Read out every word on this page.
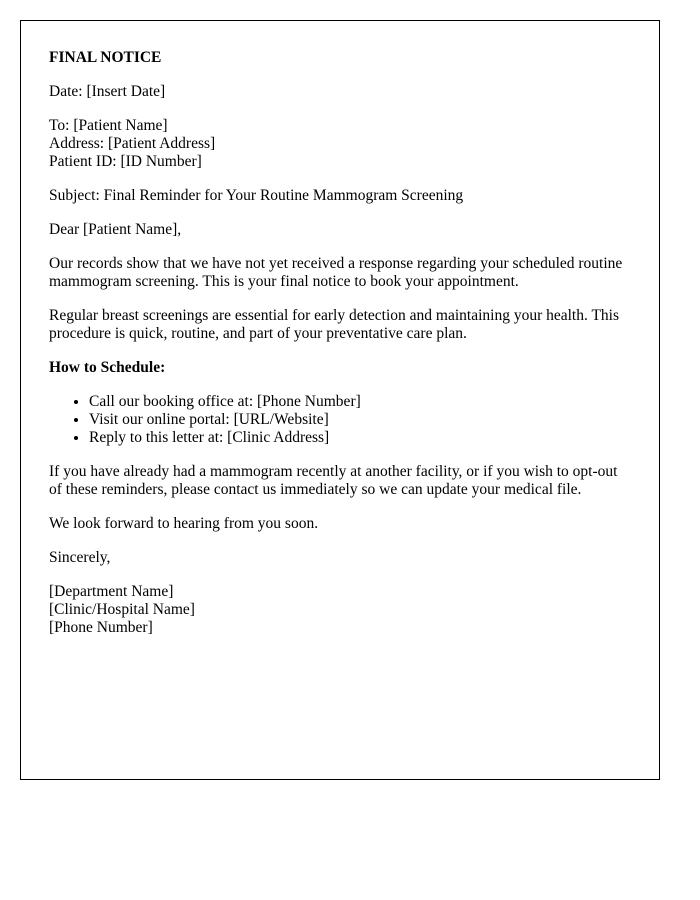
FINAL NOTICE

Date: [Insert Date]

To: [Patient Name]
Address: [Patient Address]
Patient ID: [ID Number]

Subject: Final Reminder for Your Routine Mammogram Screening

Dear [Patient Name],

Our records show that we have not yet received a response regarding your scheduled routine mammogram screening. This is your final notice to book your appointment.

Regular breast screenings are essential for early detection and maintaining your health. This procedure is quick, routine, and part of your preventative care plan.

How to Schedule:

• Call our booking office at: [Phone Number]
• Visit our online portal: [URL/Website]
• Reply to this letter at: [Clinic Address]

If you have already had a mammogram recently at another facility, or if you wish to opt-out of these reminders, please contact us immediately so we can update your medical file.

We look forward to hearing from you soon.

Sincerely,

[Department Name]
[Clinic/Hospital Name]
[Phone Number]
